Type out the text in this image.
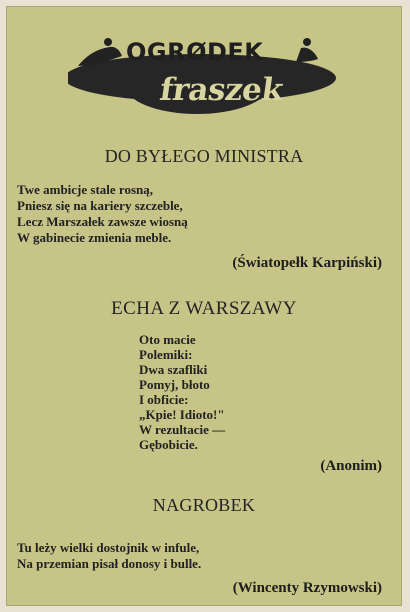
OGRØDEK
fraszek
DO BYŁEGO MINISTRA
Twe ambicje stale rosną,
Pniesz się na kariery szczeble,
Lecz Marszałek zawsze wiosną
W gabinecie zmienia meble.
(Światopełk Karpiński)
ECHA Z WARSZAWY
Oto macie
Polemiki:
Dwa szafliki
Pomyj, błoto
I obficie:
„Kpie! Idioto!"
W rezultacie —
Gębobicie.
(Anonim)
NAGROBEK
Tu leży wielki dostojnik w infule,
Na przemian pisał donosy i bulle.
(Wincenty Rzymowski)
